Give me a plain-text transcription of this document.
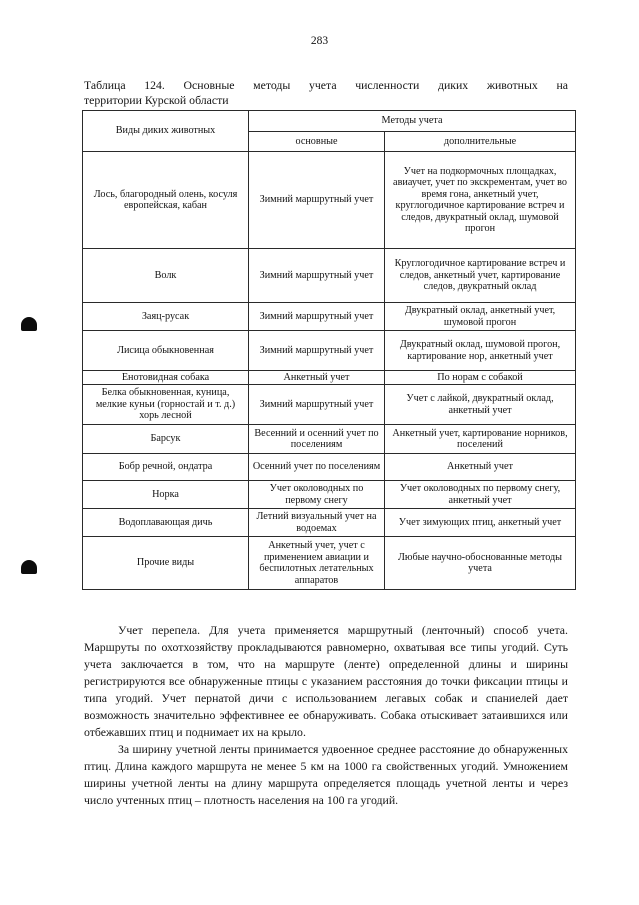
283
Таблица 124. Основные методы учета численности диких животных на
территории Курской области
Виды диких животных	Методы учета	
	основные	дополнительные
Лось, благородный олень, косуля европейская, кабан	Зимний маршрутный учет	Учет на подкормочных площадках, авиаучет, учет по экскрементам, учет во время гона, анкетный учет, круглогодичное картирование встреч и следов, двукратный оклад, шумовой прогон
Волк	Зимний маршрутный учет	Круглогодичное картирование встреч и следов, анкетный учет, картирование следов, двукратный оклад
Заяц-русак	Зимний маршрутный учет	Двукратный оклад, анкетный учет, шумовой прогон
Лисица обыкновенная	Зимний маршрутный учет	Двукратный оклад, шумовой прогон, картирование нор, анкетный учет
Енотовидная собака	Анкетный учет	По норам с собакой
Белка обыкновенная, куница, мелкие куньи (горностай и т. д.) хорь лесной	Зимний маршрутный учет	Учет с лайкой, двукратный оклад, анкетный учет
Барсук	Весенний и осенний учет по поселениям	Анкетный учет, картирование норников, поселений
Бобр речной, ондатра	Осенний учет по поселениям	Анкетный учет
Норка	Учет околоводных по первому снегу	Учет околоводных по первому снегу, анкетный учет
Водоплавающая дичь	Летний визуальный учет на водоемах	Учет зимующих птиц, анкетный учет
Прочие виды	Анкетный учет, учет с применением авиации и беспилотных летательных аппаратов	Любые научно-обоснованные методы учета

Учет перепела. Для учета применяется маршрутный (ленточный) способ учета. Маршруты по охотхозяйству прокладываются равномерно, охватывая все типы угодий. Суть учета заключается в том, что на маршруте (ленте) определенной длины и ширины регистрируются все обнаруженные птицы с указанием расстояния до точки фиксации птицы и типа угодий. Учет пернатой дичи с использованием легавых собак и спаниелей дает возможность значительно эффективнее ее обнаруживать. Собака отыскивает затаившихся или отбежавших птиц и поднимает их на крыло.

За ширину учетной ленты принимается удвоенное среднее расстояние до обнаруженных птиц. Длина каждого маршрута не менее 5 км на 1000 га свойственных угодий. Умножением ширины учетной ленты на длину маршрута определяется площадь учетной ленты и через число учтенных птиц – плотность населения на 100 га угодий.
